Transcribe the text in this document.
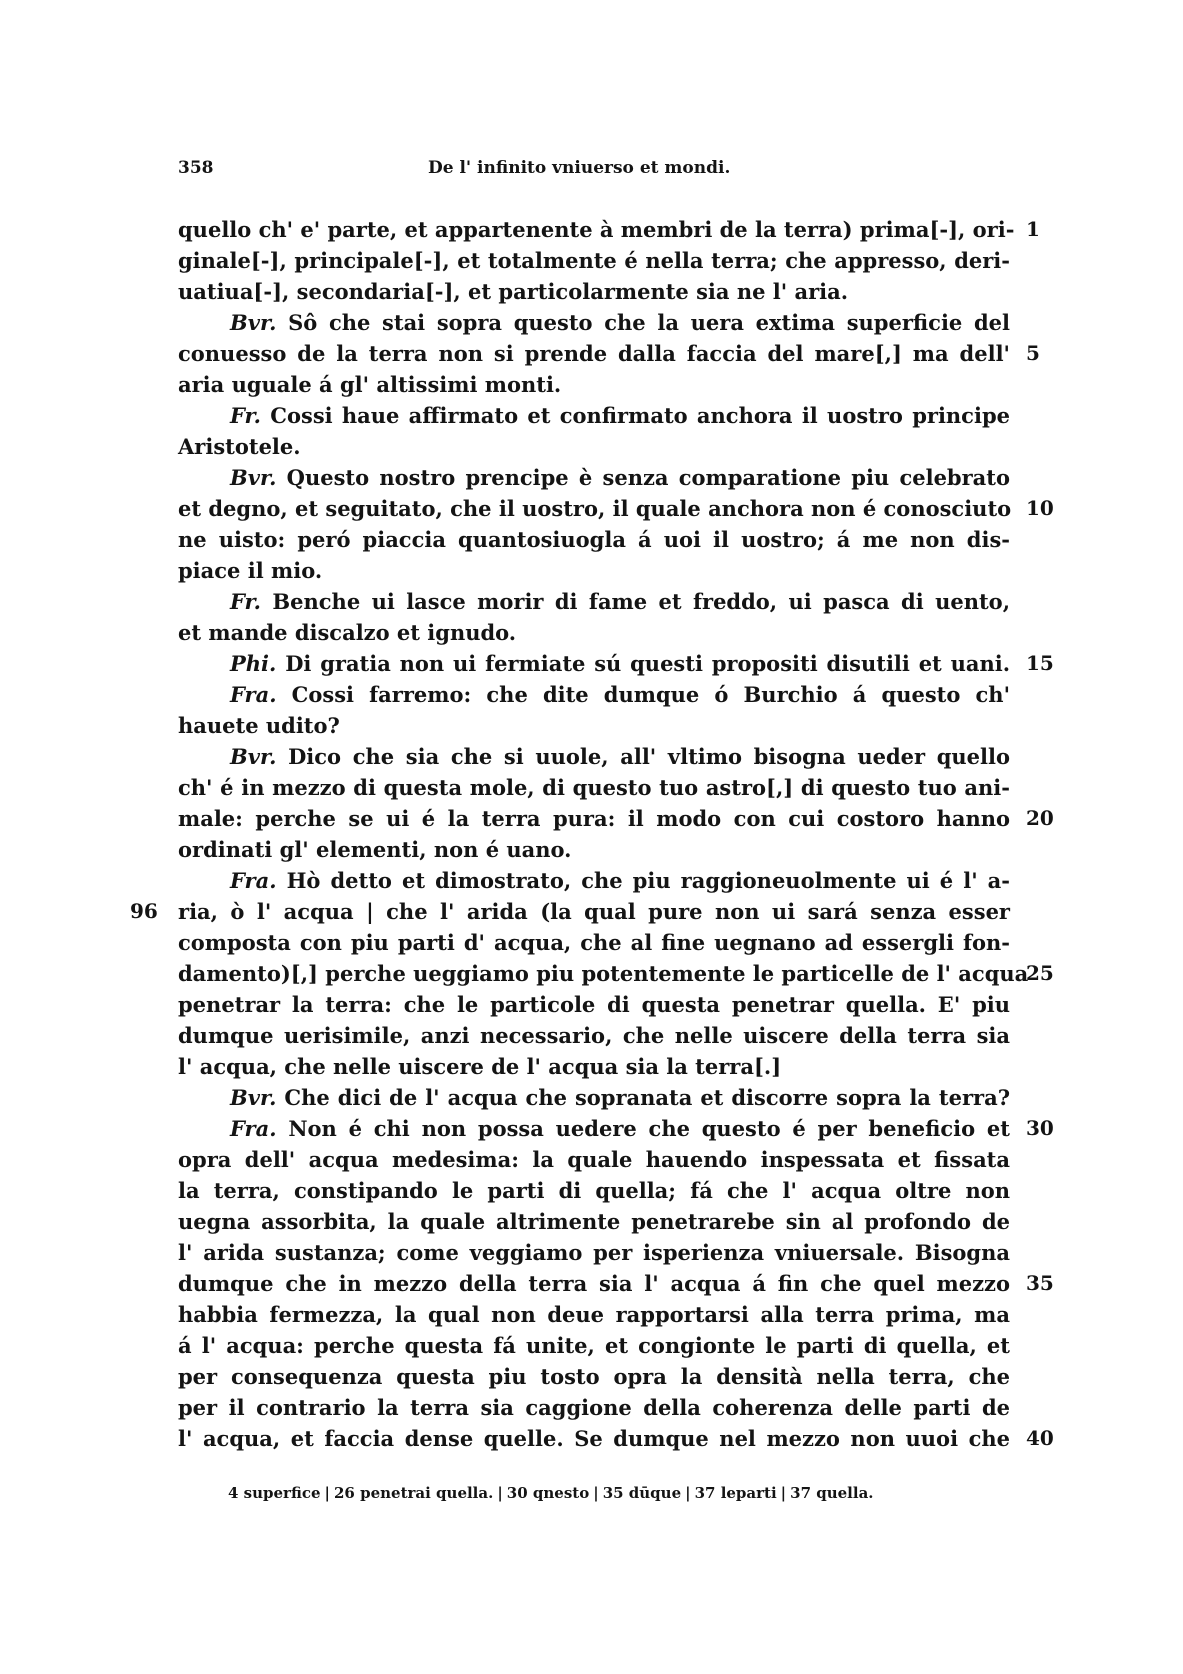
358	De l' infinito vniuerso et mondi.
quello ch' e' parte, et appartenente à membri de la terra) prima[-], ori- 1
ginale[-], principale[-], et totalmente é nella terra; che appresso, deri-
uatiua[-], secondaria[-], et particolarmente sia ne l' aria.
Bvr. Sô che stai sopra questo che la uera extima superficie del
conuesso de la terra non si prende dalla faccia del mare[,] ma dell' 5
aria uguale á gl' altissimi monti.
Fr. Cossi haue affirmato et confirmato anchora il uostro principe
Aristotele.
Bvr. Questo nostro prencipe è senza comparatione piu celebrato
et degno, et seguitato, che il uostro, il quale anchora non é conosciuto 10
ne uisto: peró piaccia quantosiuogla á uoi il uostro; á me non dis-
piace il mio.
Fr. Benche ui lasce morir di fame et freddo, ui pasca di uento,
et mande discalzo et ignudo.
Phi. Di gratia non ui fermiate sú questi propositi disutili et uani. 15
Fra. Cossi farremo: che dite dumque ó Burchio á questo ch'
hauete udito?
Bvr. Dico che sia che si uuole, all' vltimo bisogna ueder quello
ch' é in mezzo di questa mole, di questo tuo astro[,] di questo tuo ani-
male: perche se ui é la terra pura: il modo con cui costoro hanno 20
ordinati gl' elementi, non é uano.
Fra. Hò detto et dimostrato, che piu raggioneuolmente ui é l' a-
ria, ò l' acqua | che l' arida (la qual pure non ui sará senza esser
96
composta con piu parti d' acqua, che al fine uegnano ad essergli fon-
damento)[,] perche ueggiamo piu potentemente le particelle de l' acqua
25
penetrar la terra: che le particole di questa penetrar quella. E' piu
dumque uerisimile, anzi necessario, che nelle uiscere della terra sia
l' acqua, che nelle uiscere de l' acqua sia la terra[.]
Bvr. Che dici de l' acqua che sopranata et discorre sopra la terra?
Fra. Non é chi non possa uedere che questo é per beneficio et 30
opra dell' acqua medesima: la quale hauendo inspessata et fissata
la terra, constipando le parti di quella; fá che l' acqua oltre non
uegna assorbita, la quale altrimente penetrarebe sin al profondo de
l' arida sustanza; come veggiamo per isperienza vniuersale. Bisogna
dumque che in mezzo della terra sia l' acqua á fin che quel mezzo 35
habbia fermezza, la qual non deue rapportarsi alla terra prima, ma
á l' acqua: perche questa fá unite, et congionte le parti di quella, et
per consequenza questa piu tosto opra la densità nella terra, che
per il contrario la terra sia caggione della coherenza delle parti de
l' acqua, et faccia dense quelle. Se dumque nel mezzo non uuoi che 40
4 superfice | 26 penetrai quella. | 30 qnesto | 35 dūque | 37 leparti | 37 quella.
